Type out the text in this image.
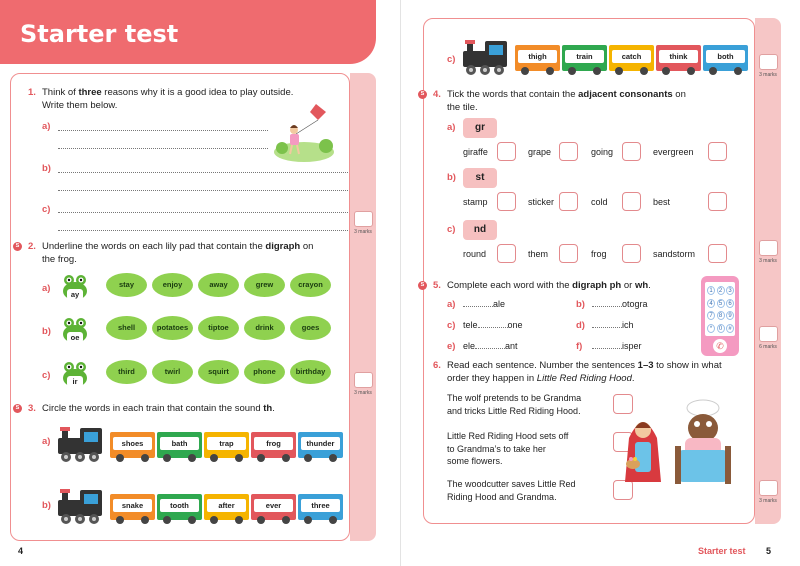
Starter test
1. Think of three reasons why it is a good idea to play outside.
Write them below.
a)
b)
c)
3 marks
S 2. Underline the words on each lily pad that contain the digraph on
the frog.
a)
ay
stay	enjoy	away	grew	crayon
b)
oe
shell	potatoes	tiptoe	drink	goes
c)
ir
third	twirl	squirt	phone	birthday
3 marks
S 3. Circle the words in each train that contain the sound th.
a)	shoes	bath	trap	frog	thunder
b)	snake	tooth	after	ever	three
4
c)	thigh	train	catch	think	both
3 marks
S 4. Tick the words that contain the adjacent consonants on
the tile.
a)	gr
giraffe	grape	going	evergreen
b)	st
stamp	sticker	cold	best
c)	nd
round	them	frog	sandstorm
3 marks
S 5. Complete each word with the digraph ph or wh.
a)	ale	b)	otogra
c) tele	one	d)	ich
e) ele	ant	f)	isper
1	2	3
4	5	6
7	8	9
*	0	#
✆	6 marks
6. Read each sentence. Number the sentences 1–3 to show in what
order they happen in Little Red Riding Hood.
The wolf pretends to be Grandma
and tricks Little Red Riding Hood.
Little Red Riding Hood sets off
to Grandma’s to take her
some flowers.
The woodcutter saves Little Red
Riding Hood and Grandma.	3 marks
Starter test 5
